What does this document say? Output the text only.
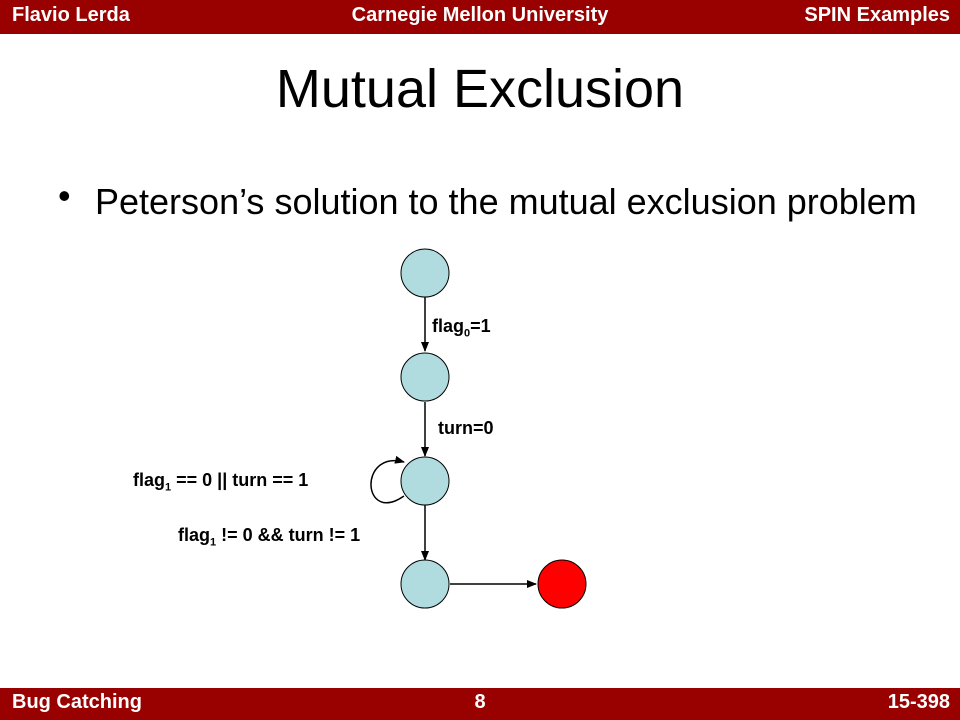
Flavio Lerda	Carnegie Mellon University	SPIN Examples
Mutual Exclusion
• Peterson’s solution to the mutual exclusion problem
flag$_0$=1
turn=0
flag$_1$ == 0 || turn == 1
flag$_1$ != 0 && turn != 1
Bug Catching	8	15-398
